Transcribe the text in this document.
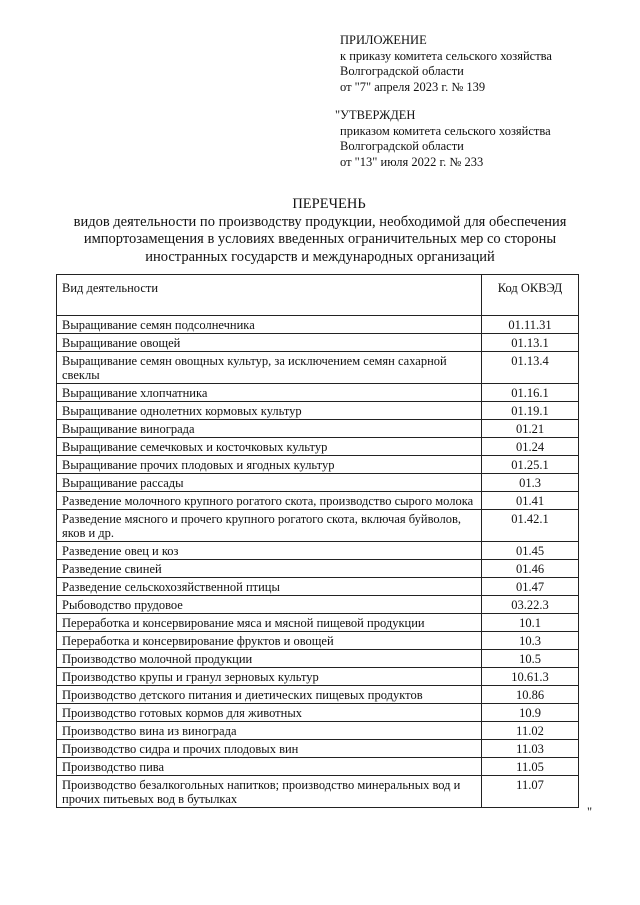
ПРИЛОЖЕНИЕ
к приказу комитета сельского хозяйства
Волгоградской области
от "7" апреля 2023 г. № 139
"УТВЕРЖДЕН
приказом комитета сельского хозяйства
Волгоградской области
от "13" июля 2022 г. № 233
ПЕРЕЧЕНЬ
видов деятельности по производству продукции, необходимой для обеспечения
импортозамещения в условиях введенных ограничительных мер со стороны
иностранных государств и международных организаций
Вид деятельности	Код ОКВЭД
Выращивание семян подсолнечника	01.11.31
Выращивание овощей	01.13.1
Выращивание семян овощных культур, за исключением семян сахарной свеклы	01.13.4
Выращивание хлопчатника	01.16.1
Выращивание однолетних кормовых культур	01.19.1
Выращивание винограда	01.21
Выращивание семечковых и косточковых культур	01.24
Выращивание прочих плодовых и ягодных культур	01.25.1
Выращивание рассады	01.3
Разведение молочного крупного рогатого скота, производство сырого молока	01.41
Разведение мясного и прочего крупного рогатого скота, включая буйволов, яков и др.	01.42.1
Разведение овец и коз	01.45
Разведение свиней	01.46
Разведение сельскохозяйственной птицы	01.47
Рыбоводство прудовое	03.22.3
Переработка и консервирование мяса и мясной пищевой продукции	10.1
Переработка и консервирование фруктов и овощей	10.3
Производство молочной продукции	10.5
Производство крупы и гранул зерновых культур	10.61.3
Производство детского питания и диетических пищевых продуктов	10.86
Производство готовых кормов для животных	10.9
Производство вина из винограда	11.02
Производство сидра и прочих плодовых вин	11.03
Производство пива	11.05
Производство безалкогольных напитков; производство минеральных вод и прочих питьевых вод в бутылках	11.07
"
